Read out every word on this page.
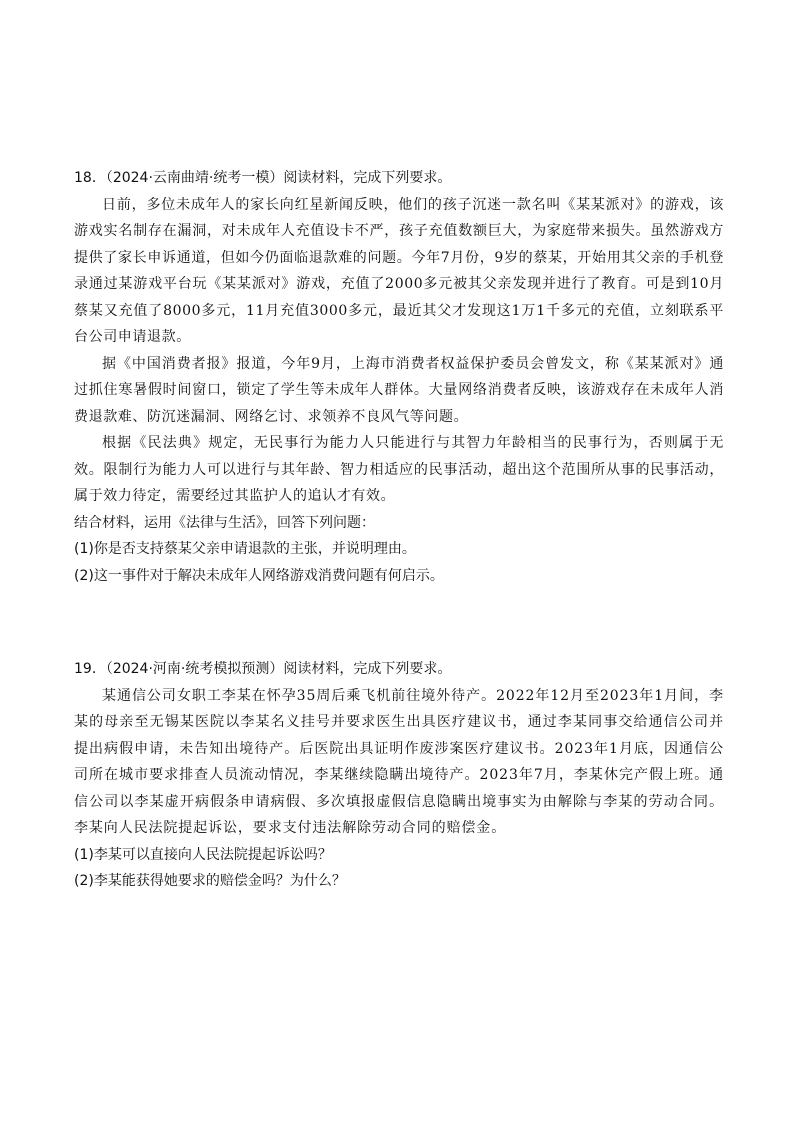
18．（2024·云南曲靖·统考一模）阅读材料，完成下列要求。

日前，多位未成年人的家长向红星新闻反映，他们的孩子沉迷一款名叫《某某派对》的游戏，该游戏实名制存在漏洞，对未成年人充值设卡不严，孩子充值数额巨大，为家庭带来损失。虽然游戏方提供了家长申诉通道，但如今仍面临退款难的问题。今年7月份，9岁的蔡某，开始用其父亲的手机登录通过某游戏平台玩《某某派对》游戏，充值了2000多元被其父亲发现并进行了教育。可是到10月蔡某又充值了8000多元，11月充值3000多元，最近其父才发现这1万1千多元的充值，立刻联系平台公司申请退款。

据《中国消费者报》报道，今年9月，上海市消费者权益保护委员会曾发文，称《某某派对》通过抓住寒暑假时间窗口，锁定了学生等未成年人群体。大量网络消费者反映，该游戏存在未成年人消费退款难、防沉迷漏洞、网络乞讨、求领养不良风气等问题。

根据《民法典》规定，无民事行为能力人只能进行与其智力年龄相当的民事行为，否则属于无效。限制行为能力人可以进行与其年龄、智力相适应的民事活动，超出这个范围所从事的民事活动，属于效力待定，需要经过其监护人的追认才有效。

结合材料，运用《法律与生活》，回答下列问题：

(1)你是否支持蔡某父亲申请退款的主张，并说明理由。

(2)这一事件对于解决未成年人网络游戏消费问题有何启示。

19．（2024·河南·统考模拟预测）阅读材料，完成下列要求。

某通信公司女职工李某在怀孕35周后乘飞机前往境外待产。2022年12月至2023年1月间，李某的母亲至无锡某医院以李某名义挂号并要求医生出具医疗建议书，通过李某同事交给通信公司并提出病假申请，未告知出境待产。后医院出具证明作废涉案医疗建议书。2023年1月底，因通信公司所在城市要求排查人员流动情况，李某继续隐瞒出境待产。2023年7月，李某休完产假上班。通信公司以李某虚开病假条申请病假、多次填报虚假信息隐瞒出境事实为由解除与李某的劳动合同。李某向人民法院提起诉讼，要求支付违法解除劳动合同的赔偿金。

(1)李某可以直接向人民法院提起诉讼吗？

(2)李某能获得她要求的赔偿金吗？为什么？
